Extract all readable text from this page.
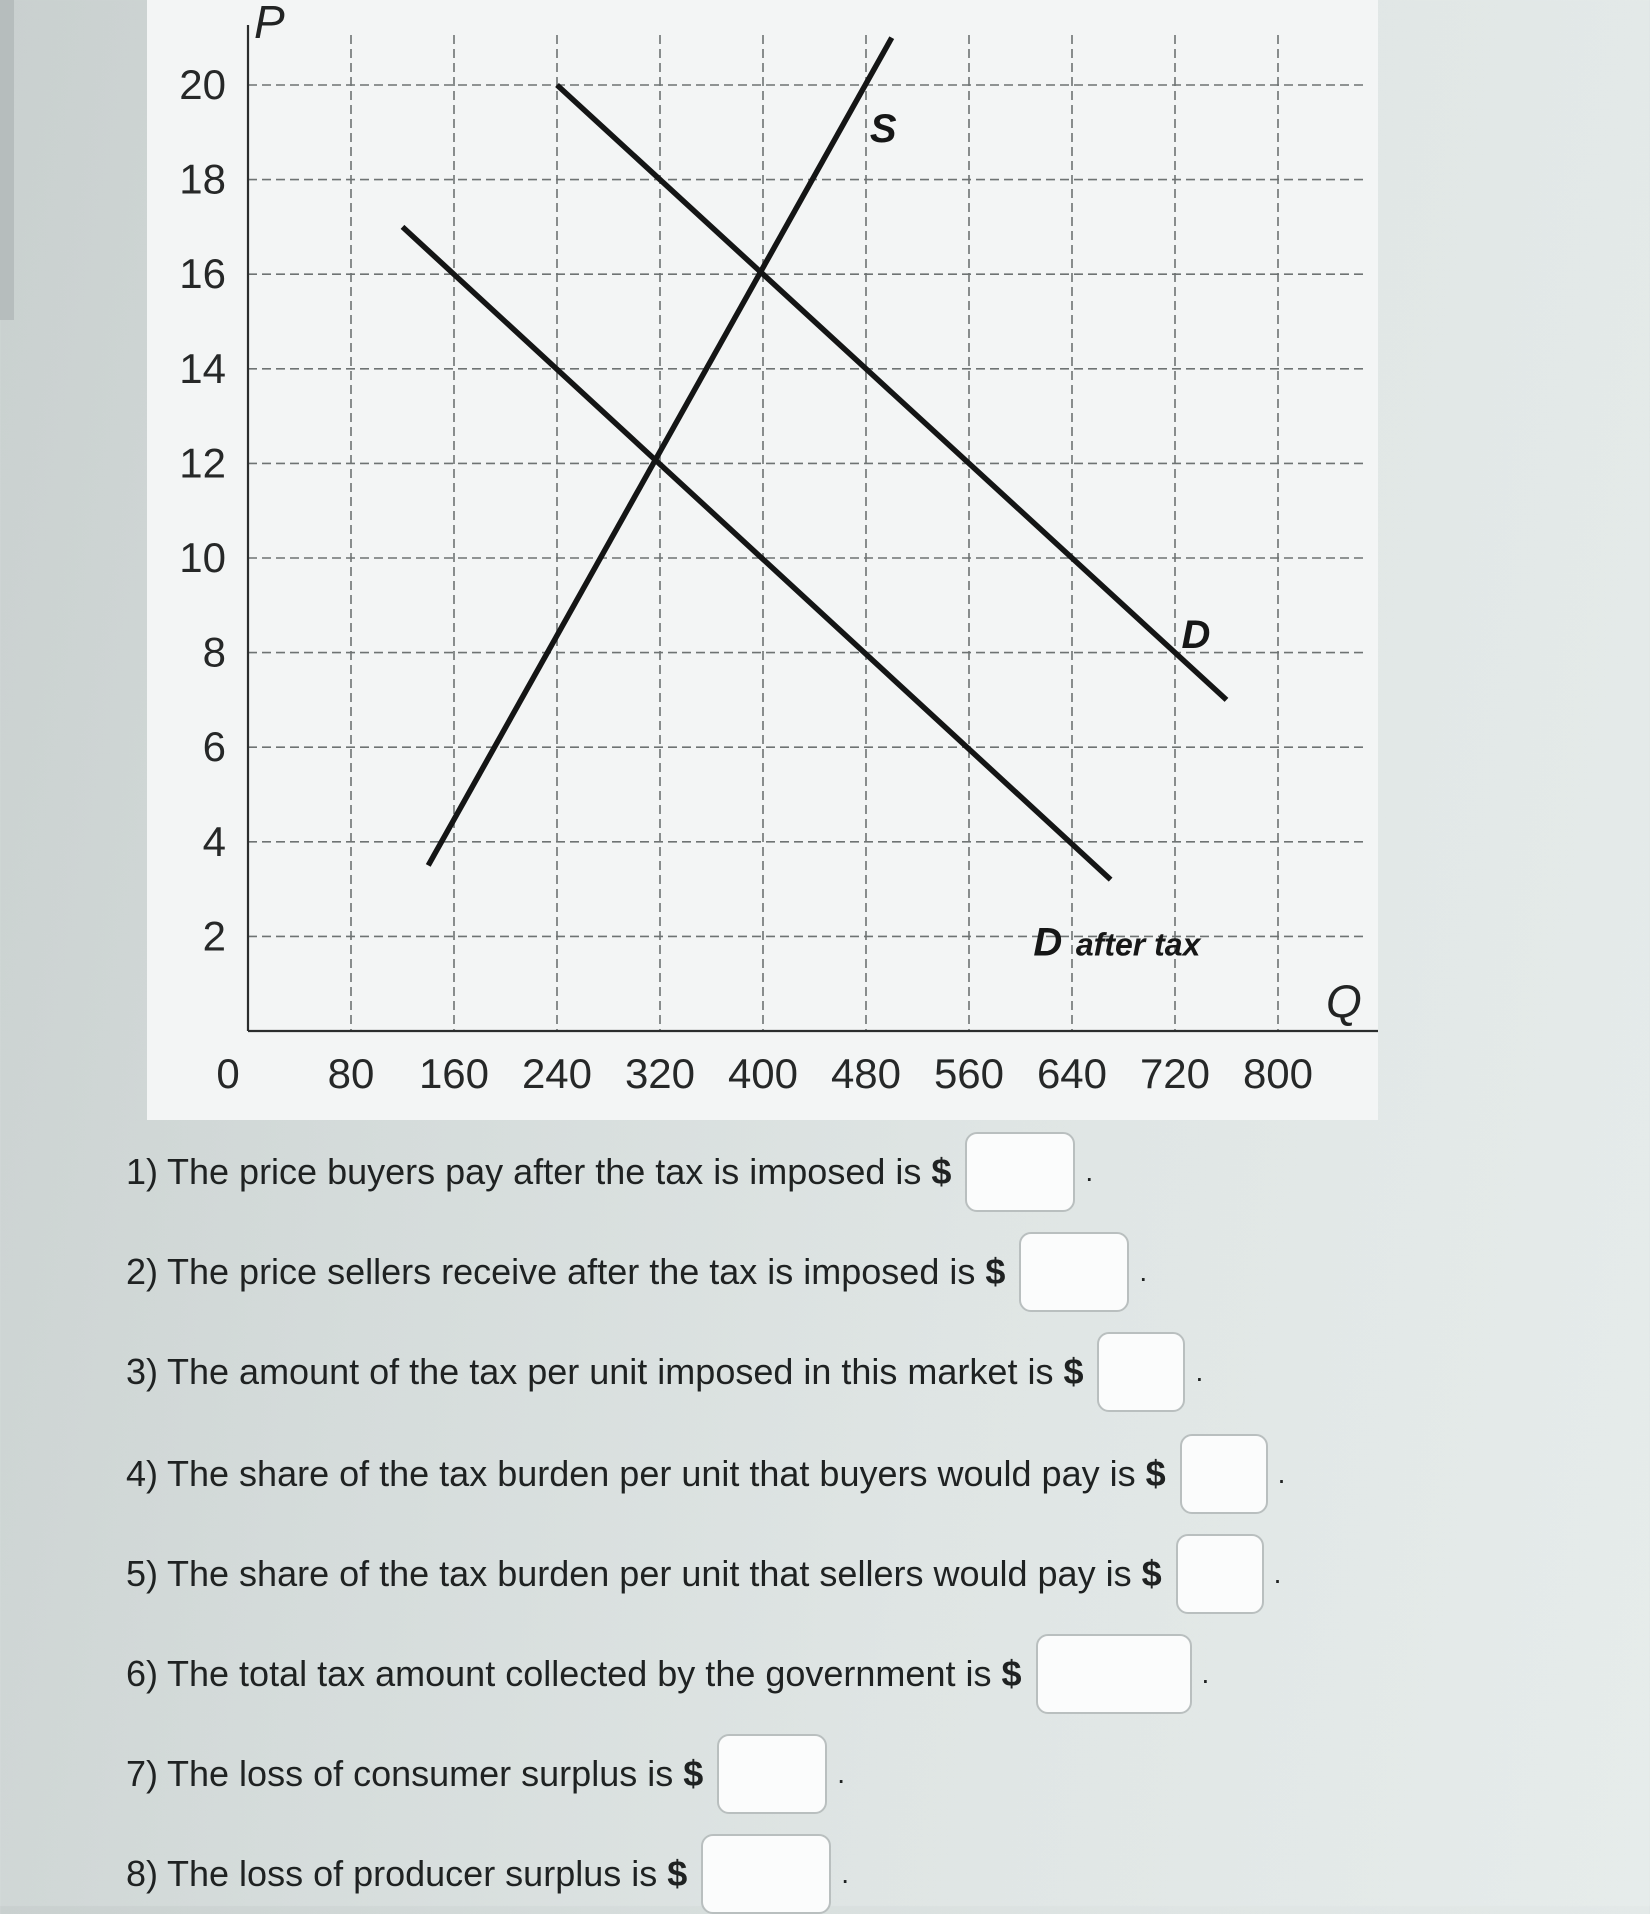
2
4
6
8
10
12
14
16
18
20
80 160 240 320 400 480 560 640 720 800
0
P
Q
S
D
D after tax
1) The price buyers pay after the tax is imposed is $	.
2) The price sellers receive after the tax is imposed is $	.
3) The amount of the tax per unit imposed in this market is $	.
4) The share of the tax burden per unit that buyers would pay is $	.
5) The share of the tax burden per unit that sellers would pay is $	.
6) The total tax amount collected by the government is $	.
7) The loss of consumer surplus is $	.
8) The loss of producer surplus is $	.
